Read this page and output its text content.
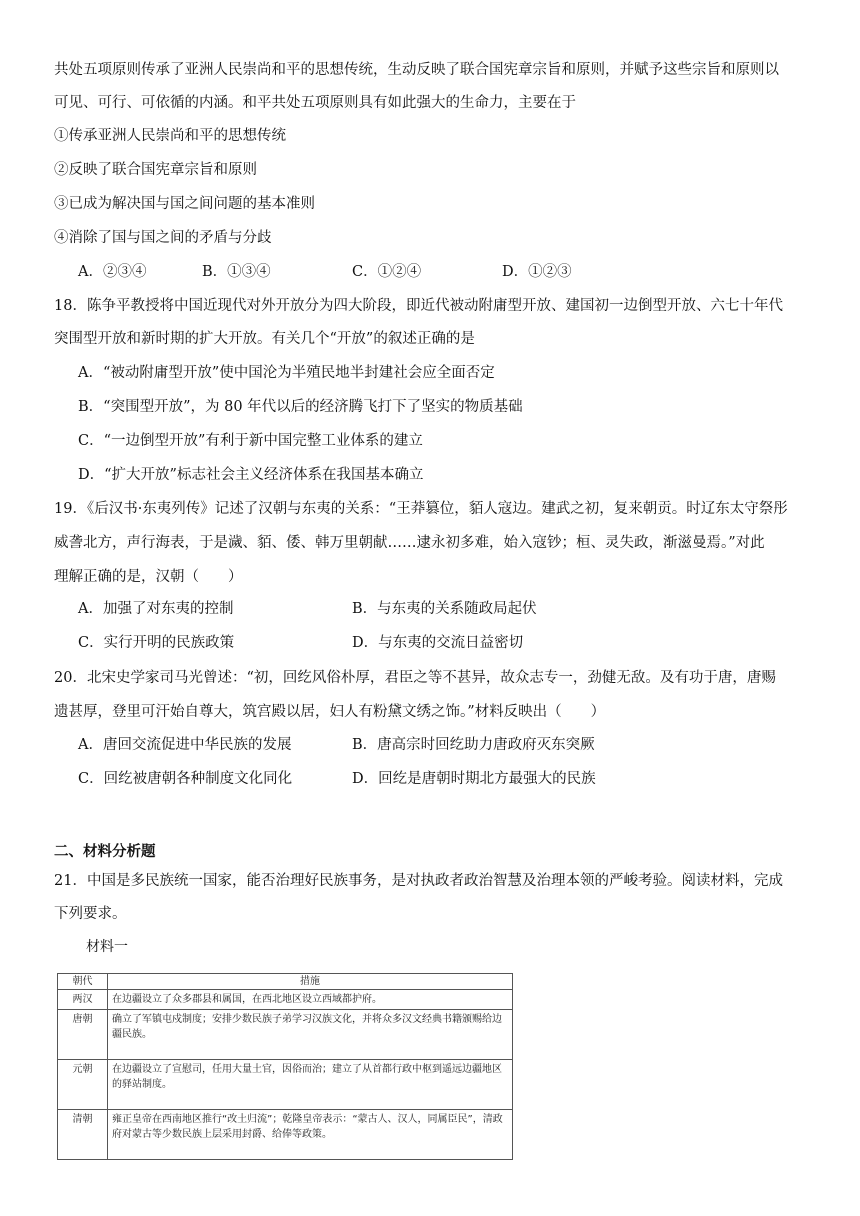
共处五项原则传承了亚洲人民崇尚和平的思想传统，生动反映了联合国宪章宗旨和原则，并赋予这些宗旨和原则以
可见、可行、可依循的内涵。和平共处五项原则具有如此强大的生命力，主要在于
①传承亚洲人民崇尚和平的思想传统
②反映了联合国宪章宗旨和原则
③已成为解决国与国之间问题的基本准则
④消除了国与国之间的矛盾与分歧
A．②③④	B．①③④	C．①②④	D．①②③
18．陈争平教授将中国近现代对外开放分为四大阶段，即近代被动附庸型开放、建国初一边倒型开放、六七十年代
突围型开放和新时期的扩大开放。有关几个“开放”的叙述正确的是
A．“被动附庸型开放”使中国沦为半殖民地半封建社会应全面否定
B．“突围型开放”，为 80 年代以后的经济腾飞打下了坚实的物质基础
C．“一边倒型开放”有利于新中国完整工业体系的建立
D．“扩大开放”标志社会主义经济体系在我国基本确立
19．《后汉书·东夷列传》记述了汉朝与东夷的关系：“王莽篡位，貊人寇边。建武之初，复来朝贡。时辽东太守祭彤
威詟北方，声行海表，于是濊、貊、倭、韩万里朝献……逮永初多难，始入寇钞；桓、灵失政，渐滋曼焉。”对此
理解正确的是，汉朝（　　）
A．加强了对东夷的控制	B．与东夷的关系随政局起伏
C．实行开明的民族政策	D．与东夷的交流日益密切
20．北宋史学家司马光曾述：“初，回纥风俗朴厚，君臣之等不甚异，故众志专一，劲健无敌。及有功于唐，唐赐
遗甚厚，登里可汗始自尊大，筑宫殿以居，妇人有粉黛文绣之饰。”材料反映出（　　）
A．唐回交流促进中华民族的发展	B．唐高宗时回纥助力唐政府灭东突厥
C．回纥被唐朝各种制度文化同化	D．回纥是唐朝时期北方最强大的民族
二、材料分析题
21．中国是多民族统一国家，能否治理好民族事务，是对执政者政治智慧及治理本领的严峻考验。阅读材料，完成
下列要求。
材料一
朝代	措施
两汉	在边疆设立了众多郡县和属国，在西北地区设立西域都护府。
唐朝	确立了军镇屯戍制度；安排少数民族子弟学习汉族文化，并将众多汉文经典书籍颁赐给边疆民族。
元朝	在边疆设立了宣慰司，任用大量土官，因俗而治；建立了从首都行政中枢到遥远边疆地区的驿站制度。
清朝	雍正皇帝在西南地区推行“改土归流”；乾隆皇帝表示：“蒙古人、汉人，同属臣民”，清政府对蒙古等少数民族上层采用封爵、给俸等政策。
